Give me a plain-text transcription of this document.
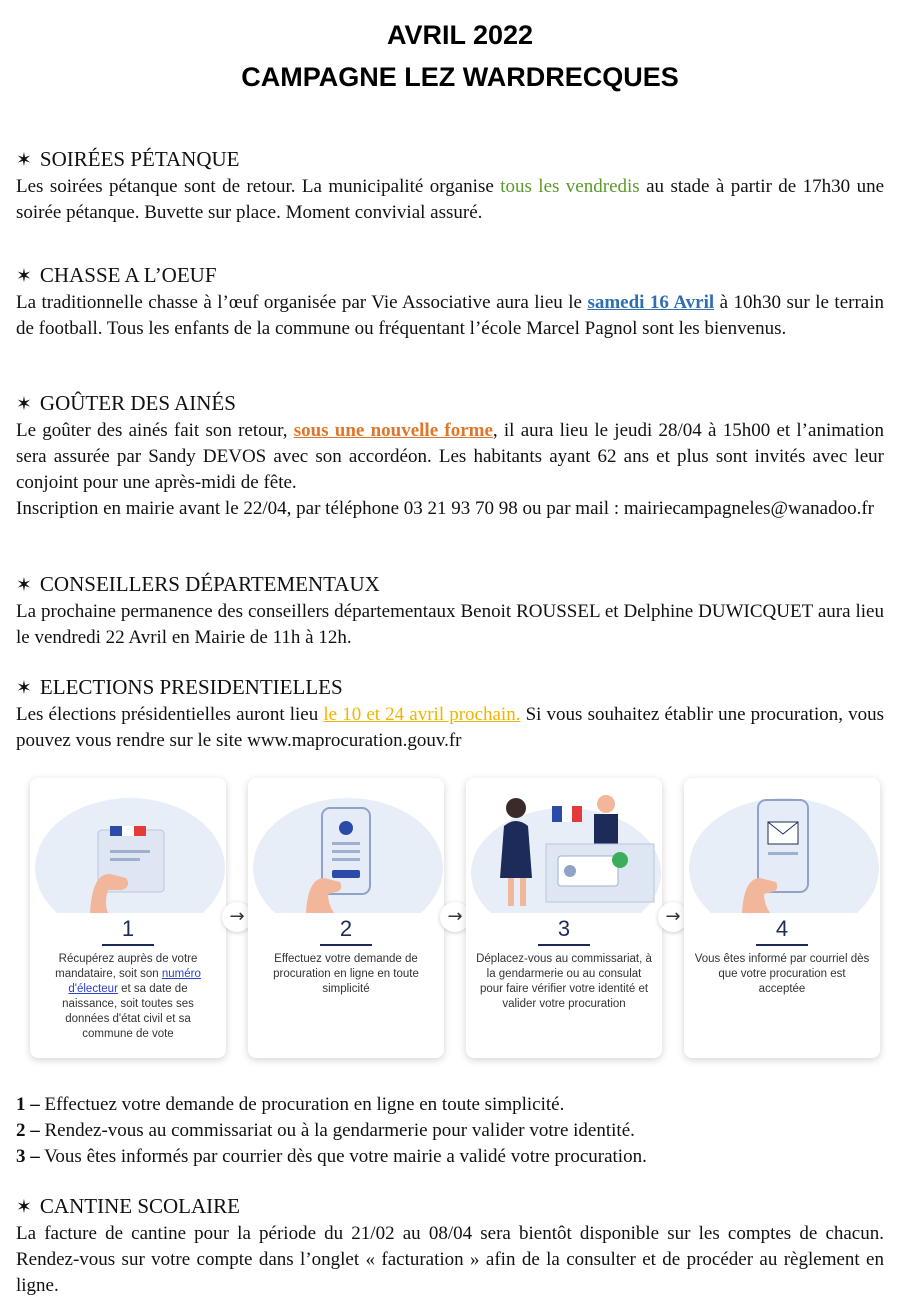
AVRIL 2022
CAMPAGNE LEZ WARDRECQUES

✶ SOIRÉES PÉTANQUE

Les soirées pétanque sont de retour. La municipalité organise tous les vendredis au stade à partir de 17h30 une soirée pétanque. Buvette sur place. Moment convivial assuré.

✶ CHASSE A L’OEUF

La traditionnelle chasse à l’œuf organisée par Vie Associative aura lieu le samedi 16 Avril à 10h30 sur le terrain de football. Tous les enfants de la commune ou fréquentant l’école Marcel Pagnol sont les bienvenus.

✶ GOÛTER DES AINÉS

Le goûter des ainés fait son retour, sous une nouvelle forme, il aura lieu le jeudi 28/04 à 15h00 et l’animation sera assurée par Sandy DEVOS avec son accordéon. Les habitants ayant 62 ans et plus sont invités avec leur conjoint pour une après-midi de fête.

Inscription en mairie avant le 22/04, par téléphone 03 21 93 70 98 ou par mail : mairiecampagneles@wanadoo.fr

✶ CONSEILLERS DÉPARTEMENTAUX

La prochaine permanence des conseillers départementaux Benoit ROUSSEL et Delphine DUWICQUET aura lieu le vendredi 22 Avril en Mairie de 11h à 12h.

✶ ELECTIONS PRESIDENTIELLES

Les élections présidentielles auront lieu le 10 et 24 avril prochain. Si vous souhaitez établir une procuration, vous pouvez vous rendre sur le site www.maprocuration.gouv.fr

1
Récupérez auprès de votre mandataire, soit son numéro d'électeur et sa date de naissance, soit toutes ses données d'état civil et sa commune de vote
→	2
Effectuez votre demande de procuration en ligne en toute simplicité
→	3
Déplacez-vous au commissariat, à la gendarmerie ou au consulat pour faire vérifier votre identité et valider votre procuration
→	4
Vous êtes informé par courriel dès que votre procuration est acceptée

1 – Effectuez votre demande de procuration en ligne en toute simplicité.

2 – Rendez-vous au commissariat ou à la gendarmerie pour valider votre identité.

3 – Vous êtes informés par courrier dès que votre mairie a validé votre procuration.

✶ CANTINE SCOLAIRE

La facture de cantine pour la période du 21/02 au 08/04 sera bientôt disponible sur les comptes de chacun. Rendez-vous sur votre compte dans l’onglet « facturation » afin de la consulter et de procéder au règlement en ligne.
